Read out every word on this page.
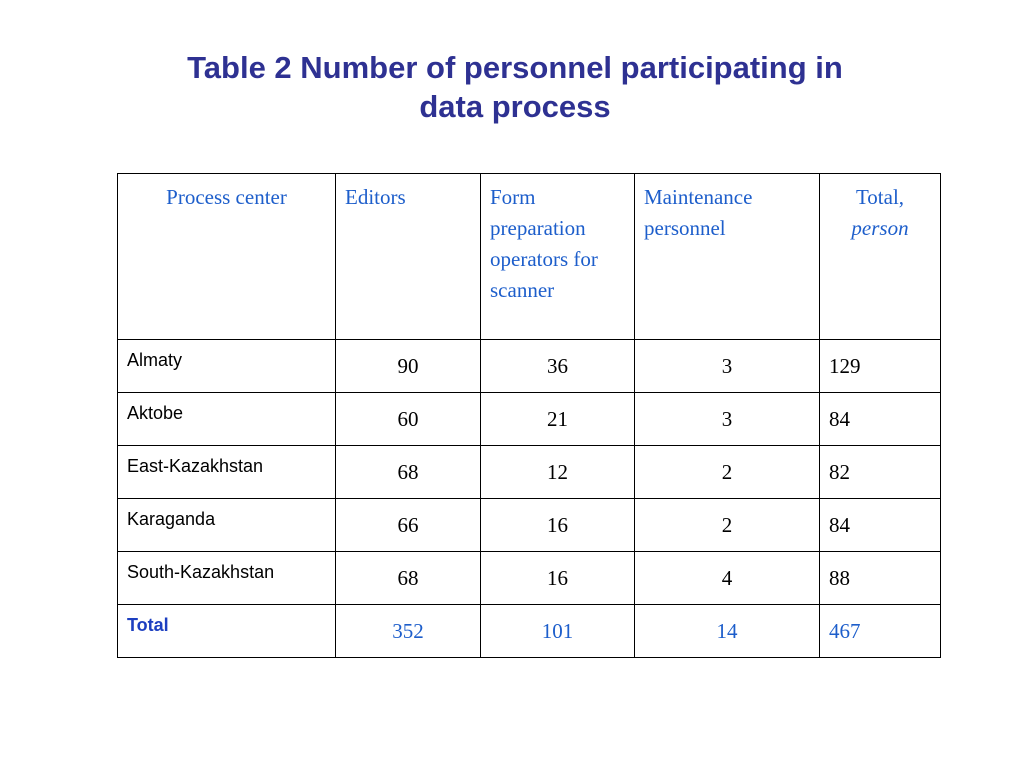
Table 2 Number of personnel participating in
data process
Process center	Editors	Form preparation operators for scanner	Maintenance personnel	Total,
person

Almaty	90	36	3	129
Aktobe	60	21	3	84
East-Kazakhstan	68	12	2	82
Karaganda	66	16	2	84
South-Kazakhstan	68	16	4	88
Total	352	101	14	467
